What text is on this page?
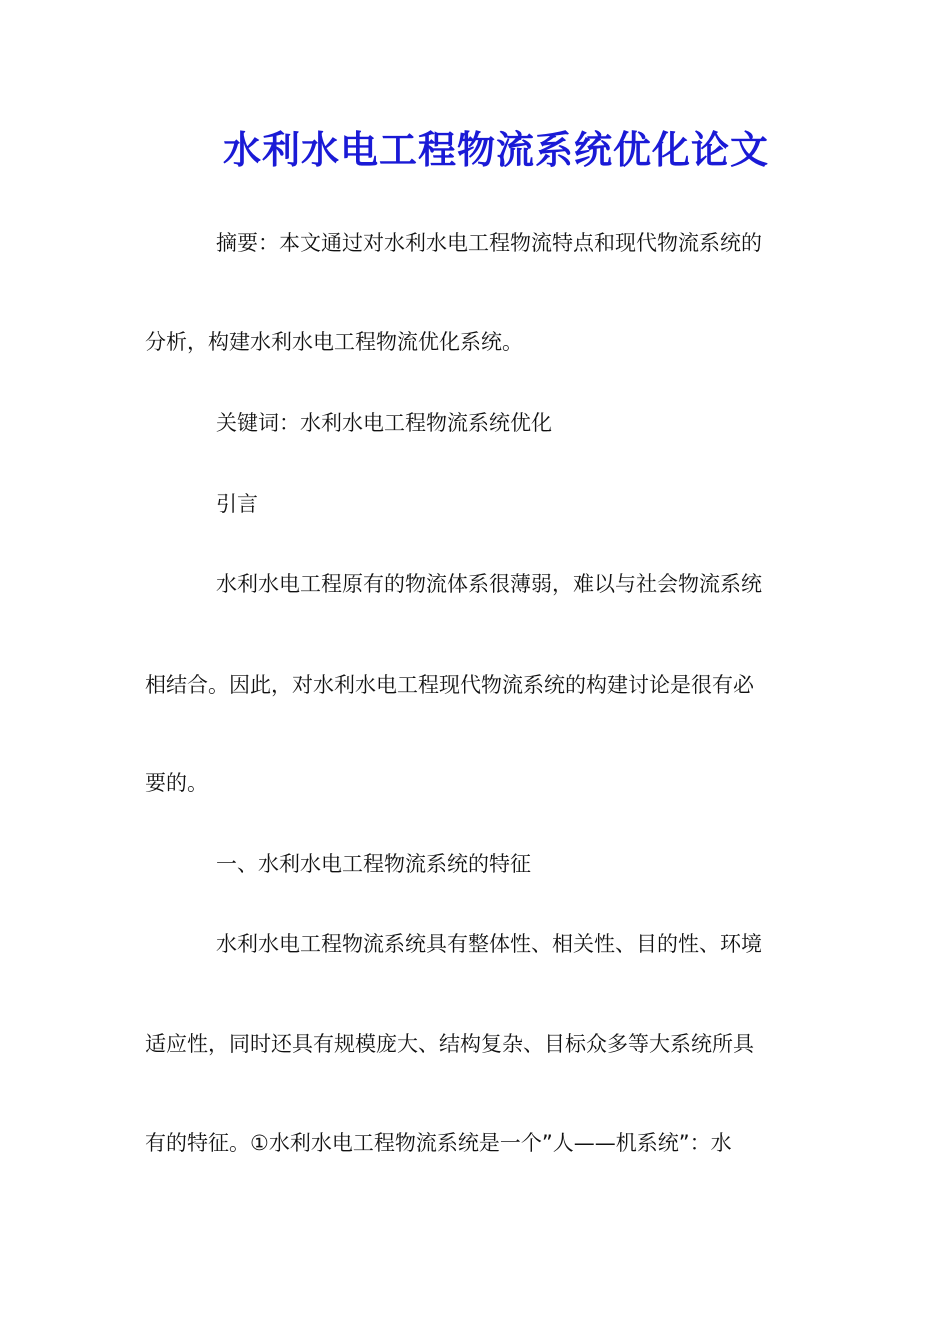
水利水电工程物流系统优化论文
摘要：本文通过对水利水电工程物流特点和现代物流系统的
分析，构建水利水电工程物流优化系统。
关键词：水利水电工程物流系统优化
引言
水利水电工程原有的物流体系很薄弱，难以与社会物流系统
相结合。因此，对水利水电工程现代物流系统的构建讨论是很有必
要的。
一、水利水电工程物流系统的特征
水利水电工程物流系统具有整体性、相关性、目的性、环境
适应性，同时还具有规模庞大、结构复杂、目标众多等大系统所具
有的特征。①水利水电工程物流系统是一个”人——机系统”：水
